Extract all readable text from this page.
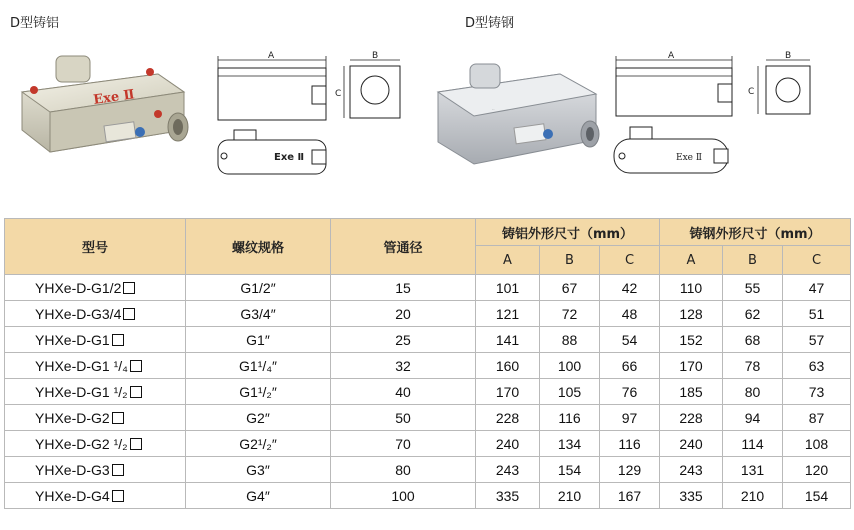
D型铸铝	D型铸钢
Exe Ⅱ
A	B
C
Exe Ⅱ
Exe Ⅱ
A	B
C
Exe Ⅱ
型号	螺纹规格	管通径	铸铝外形尺寸（mm）			铸钢外形尺寸（mm）		
			A	B	C	A	B	C
YHXe-D-G1/2	G1/2″	15	101	67	42	110	55	47
YHXe-D-G3/4	G3/4″	20	121	72	48	128	62	51
YHXe-D-G1	G1″	25	141	88	54	152	68	57
YHXe-D-G1 ¹/₄	G1¹/₄″	32	160	100	66	170	78	63
YHXe-D-G1 ¹/₂	G1¹/₂″	40	170	105	76	185	80	73
YHXe-D-G2	G2″	50	228	116	97	228	94	87
YHXe-D-G2 ¹/₂	G2¹/₂″	70	240	134	116	240	114	108
YHXe-D-G3	G3″	80	243	154	129	243	131	120
YHXe-D-G4	G4″	100	335	210	167	335	210	154
